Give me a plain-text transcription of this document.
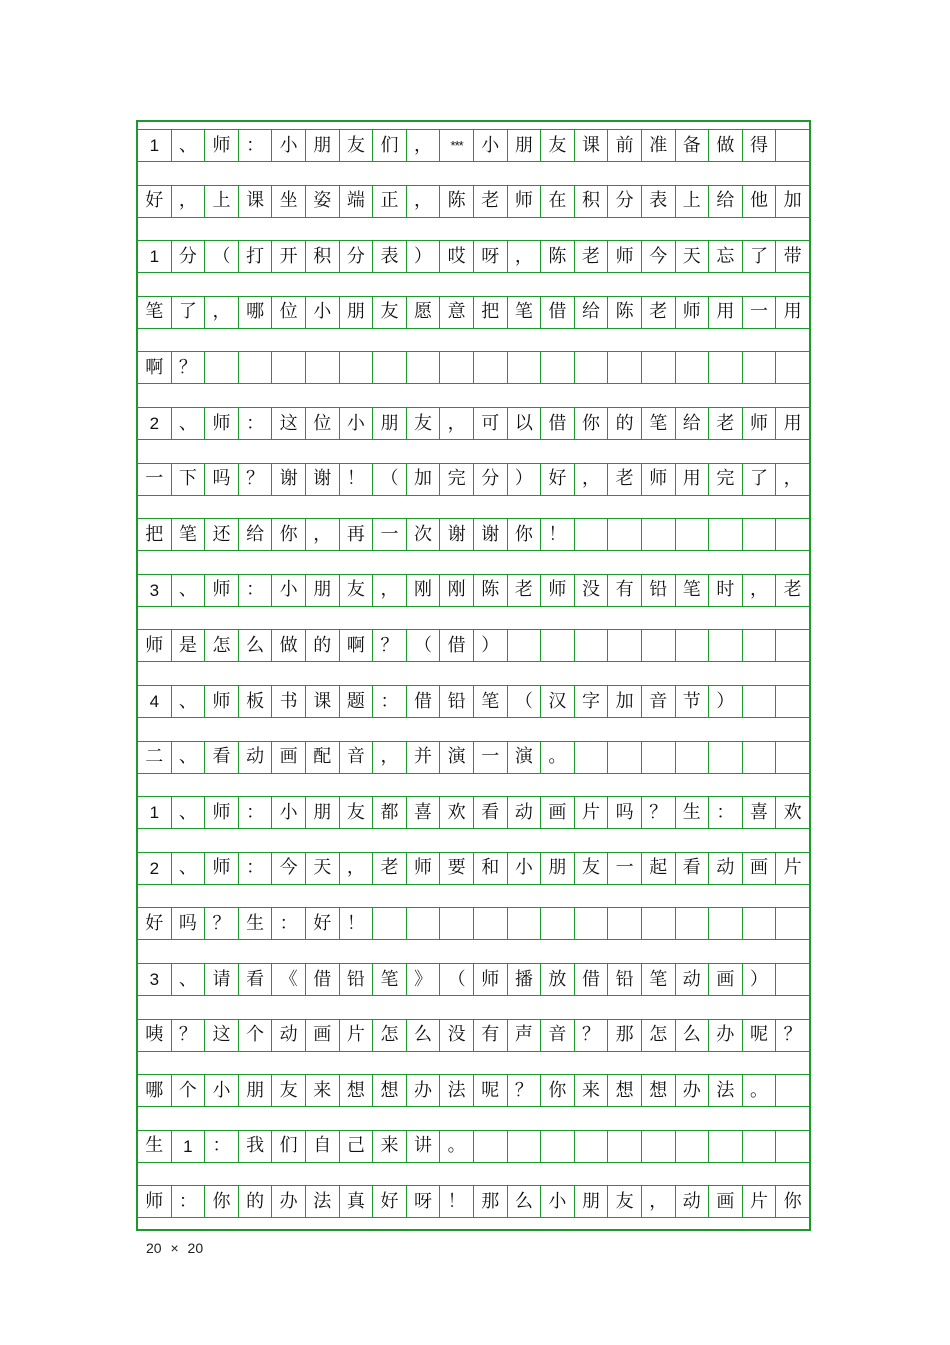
1	、 师 ： 小 朋 友 们 ，	***	小 朋 友 课 前 准 备 做 得
好 ， 上 课 坐 姿 端 正 ， 陈 老 师 在 积 分 表 上 给 他 加
1	分 （ 打 开 积 分 表 ） 哎 呀 ， 陈 老 师 今 天 忘 了 带
笔 了 ， 哪 位 小 朋 友 愿 意 把 笔 借 给 陈 老 师 用 一 用
啊 ？
2	、 师 ： 这 位 小 朋 友 ， 可 以 借 你 的 笔 给 老 师 用
一 下 吗 ？ 谢 谢 ！ （ 加 完 分 ） 好 ， 老 师 用 完 了 ，
把 笔 还 给 你 ， 再 一 次 谢 谢 你 ！
3	、 师 ： 小 朋 友 ， 刚 刚 陈 老 师 没 有 铅 笔 时 ， 老
师 是 怎 么 做 的 啊 ？ （ 借 ）
4	、 师 板 书 课 题 ： 借 铅 笔 （ 汉 字 加 音 节 ）
二 、 看 动 画 配 音 ， 并 演 一 演 。
1	、 师 ： 小 朋 友 都 喜 欢 看 动 画 片 吗 ？ 生 ： 喜 欢
2	、 师 ： 今 天 ， 老 师 要 和 小 朋 友 一 起 看 动 画 片
好 吗 ？ 生 ： 好 ！
3	、 请 看 《 借 铅 笔 》 （ 师 播 放 借 铅 笔 动 画 ）
咦 ？ 这 个 动 画 片 怎 么 没 有 声 音 ？ 那 怎 么 办 呢 ？
哪 个 小 朋 友 来 想 想 办 法 呢 ？ 你 来 想 想 办 法 。
生	1	： 我 们 自 己 来 讲 。
师 ： 你 的 办 法 真 好 呀 ！ 那 么 小 朋 友 ， 动 画 片 你
20 × 20
